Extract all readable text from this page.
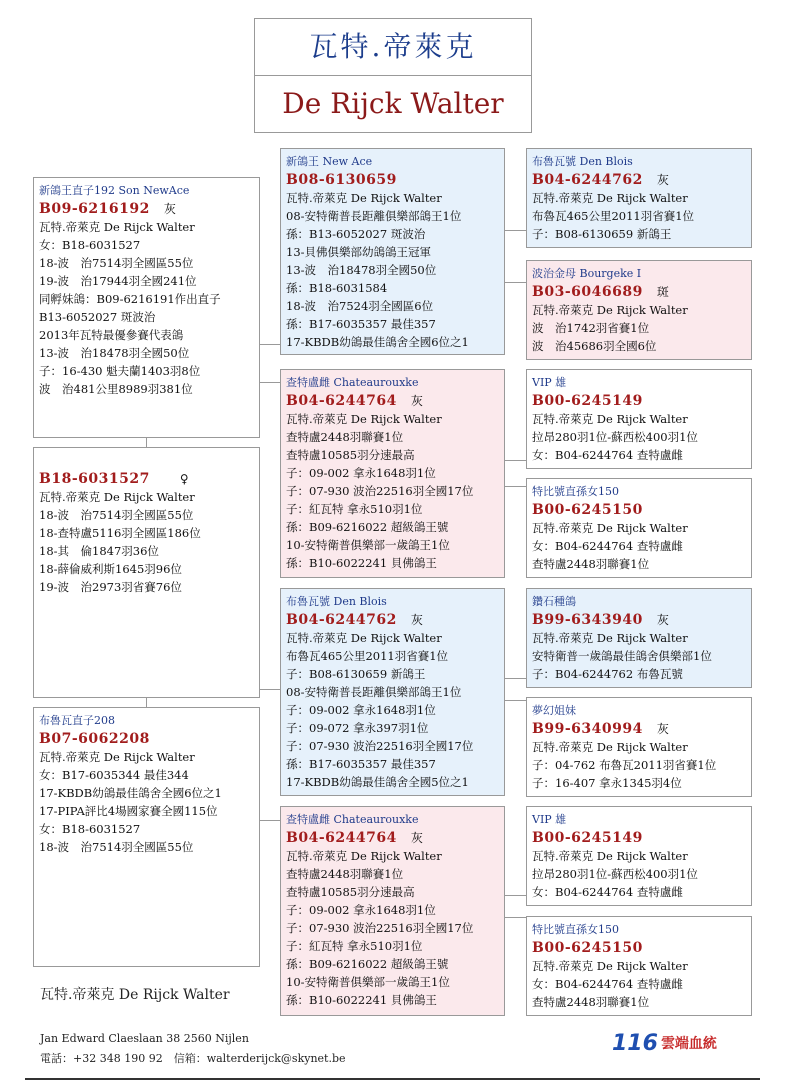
瓦特.帝萊克
De Rijck Walter
新鴿王直子192 Son NewAce
B09-6216192 灰
瓦特.帝萊克 De Rijck Walter
女：B18-6031527
18-波　治7514羽全國區55位
19-波　治17944羽全國241位
同孵妹鴿：B09-6216191作出直子
B13-6052027 斑波治
2013年瓦特最優參賽代表鴿
13-波　治18478羽全國50位
子：16-430 魁夫蘭1403羽8位
波　治481公里8989羽381位
B18-6031527	♀
瓦特.帝萊克 De Rijck Walter
18-波　治7514羽全國區55位
18-查特盧5116羽全國區186位
18-其　倫1847羽36位
18-薛倫威利斯1645羽96位
19-波　治2973羽省賽76位
布魯瓦直子208
B07-6062208
瓦特.帝萊克 De Rijck Walter
女：B17-6035344 最佳344
17-KBDB幼鴿最佳鴿舍全國6位之1
17-PIPA評比4場國家賽全國115位
女：B18-6031527
18-波　治7514羽全國區55位
新鴿王 New Ace
B08-6130659
瓦特.帝萊克 De Rijck Walter
08-安特衛普長距離俱樂部鴿王1位
孫：B13-6052027 斑波治
13-貝佛俱樂部幼鴿鴿王冠軍
13-波　治18478羽全國50位
孫：B18-6031584
18-波　治7524羽全國區6位
孫：B17-6035357 最佳357
17-KBDB幼鴿最佳鴿舍全國6位之1
查特盧雌 Chateaurouxke
B04-6244764 灰
瓦特.帝萊克 De Rijck Walter
查特盧2448羽聯賽1位
查特盧10585羽分速最高
子：09-002 拿永1648羽1位
子：07-930 波治22516羽全國17位
子：紅瓦特 拿永510羽1位
孫：B09-6216022 超級鴿王號
10-安特衛普俱樂部一歲鴿王1位
孫：B10-6022241 貝佛鴿王
布魯瓦號 Den Blois
B04-6244762 灰
瓦特.帝萊克 De Rijck Walter
布魯瓦465公里2011羽省賽1位
子：B08-6130659 新鴿王
08-安特衛普長距離俱樂部鴿王1位
子：09-002 拿永1648羽1位
子：09-072 拿永397羽1位
子：07-930 波治22516羽全國17位
孫：B17-6035357 最佳357
17-KBDB幼鴿最佳鴿舍全國5位之1
查特盧雌 Chateaurouxke
B04-6244764 灰
瓦特.帝萊克 De Rijck Walter
查特盧2448羽聯賽1位
查特盧10585羽分速最高
子：09-002 拿永1648羽1位
子：07-930 波治22516羽全國17位
子：紅瓦特 拿永510羽1位
孫：B09-6216022 超級鴿王號
10-安特衛普俱樂部一歲鴿王1位
孫：B10-6022241 貝佛鴿王
布魯瓦號 Den Blois
B04-6244762 灰
瓦特.帝萊克 De Rijck Walter
布魯瓦465公里2011羽省賽1位
子：B08-6130659 新鴿王
波治金母 Bourgeke I
B03-6046689 斑
瓦特.帝萊克 De Rijck Walter
波　治1742羽省賽1位
波　治45686羽全國6位
VIP 雄
B00-6245149
瓦特.帝萊克 De Rijck Walter
拉昂280羽1位-蘇西松400羽1位
女：B04-6244764 查特盧雌
特比號直孫女150
B00-6245150
瓦特.帝萊克 De Rijck Walter
女：B04-6244764 查特盧雌
查特盧2448羽聯賽1位
鑽石種鴿
B99-6343940 灰
瓦特.帝萊克 De Rijck Walter
安特衛普一歲鴿最佳鴿舍俱樂部1位
子：B04-6244762 布魯瓦號
夢幻姐妹
B99-6340994 灰
瓦特.帝萊克 De Rijck Walter
子：04-762 布魯瓦2011羽省賽1位
子：16-407 拿永1345羽4位
VIP 雄
B00-6245149
瓦特.帝萊克 De Rijck Walter
拉昂280羽1位-蘇西松400羽1位
女：B04-6244764 查特盧雌
特比號直孫女150
B00-6245150
瓦特.帝萊克 De Rijck Walter
女：B04-6244764 查特盧雌
查特盧2448羽聯賽1位
瓦特.帝萊克 De Rijck Walter
Jan Edward Claeslaan 38 2560 Nijlen
電話：+32 348 190 92　信箱：walterderijck@skynet.be
116 雲端血統
